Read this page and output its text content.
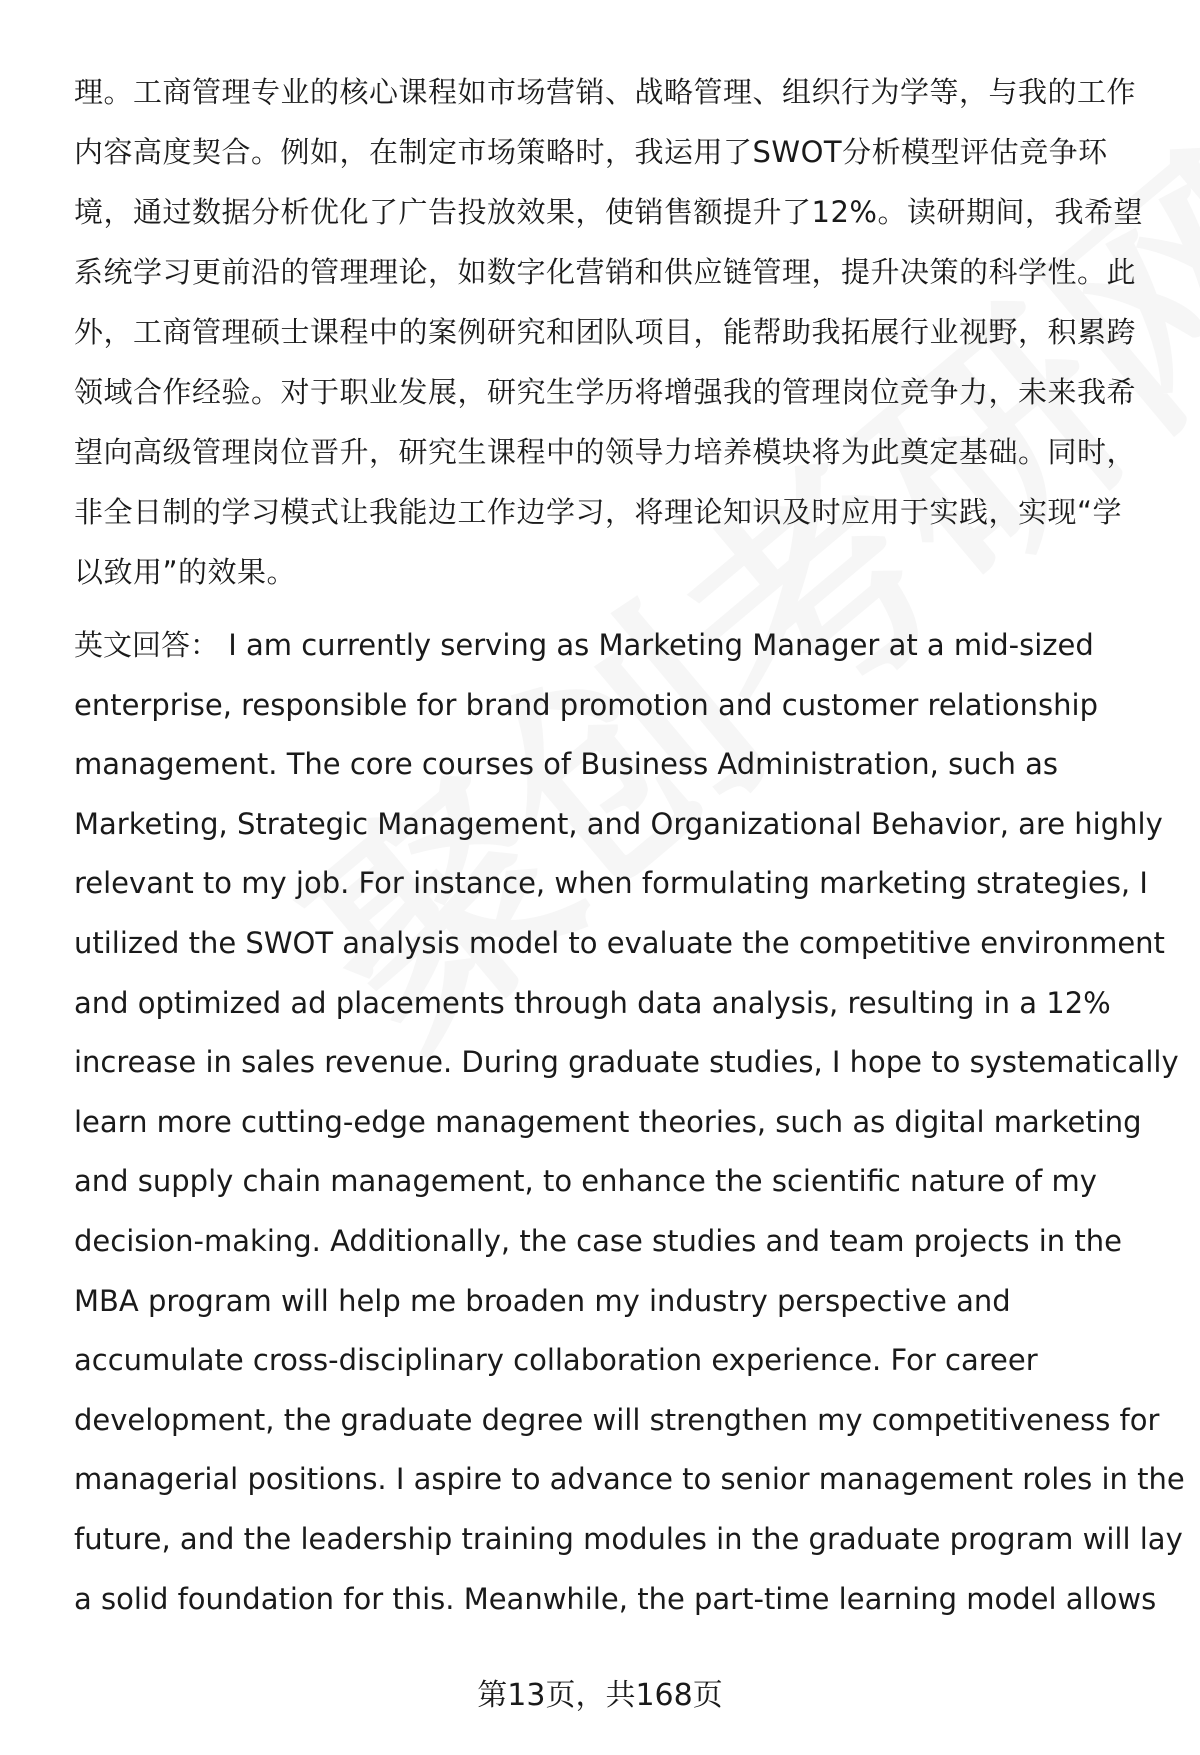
理。工商管理专业的核心课程如市场营销、战略管理、组织行为学等，与我的工作
内容高度契合。例如，在制定市场策略时，我运用了SWOT分析模型评估竞争环
境，通过数据分析优化了广告投放效果，使销售额提升了12%。读研期间，我希望
系统学习更前沿的管理理论，如数字化营销和供应链管理，提升决策的科学性。此
外，工商管理硕士课程中的案例研究和团队项目，能帮助我拓展行业视野，积累跨
领域合作经验。对于职业发展，研究生学历将增强我的管理岗位竞争力，未来我希
望向高级管理岗位晋升，研究生课程中的领导力培养模块将为此奠定基础。同时，
非全日制的学习模式让我能边工作边学习，将理论知识及时应用于实践，实现“学
以致用”的效果。
英文回答： I am currently serving as Marketing Manager at a mid-sized
enterprise, responsible for brand promotion and customer relationship
management. The core courses of Business Administration, such as
Marketing, Strategic Management, and Organizational Behavior, are highly
relevant to my job. For instance, when formulating marketing strategies, I
utilized the SWOT analysis model to evaluate the competitive environment
and optimized ad placements through data analysis, resulting in a 12%
increase in sales revenue. During graduate studies, I hope to systematically
learn more cutting-edge management theories, such as digital marketing
and supply chain management, to enhance the scientific nature of my
decision-making. Additionally, the case studies and team projects in the
MBA program will help me broaden my industry perspective and
accumulate cross-disciplinary collaboration experience. For career
development, the graduate degree will strengthen my competitiveness for
managerial positions. I aspire to advance to senior management roles in the
future, and the leadership training modules in the graduate program will lay
a solid foundation for this. Meanwhile, the part-time learning model allows
第13页，共168页
